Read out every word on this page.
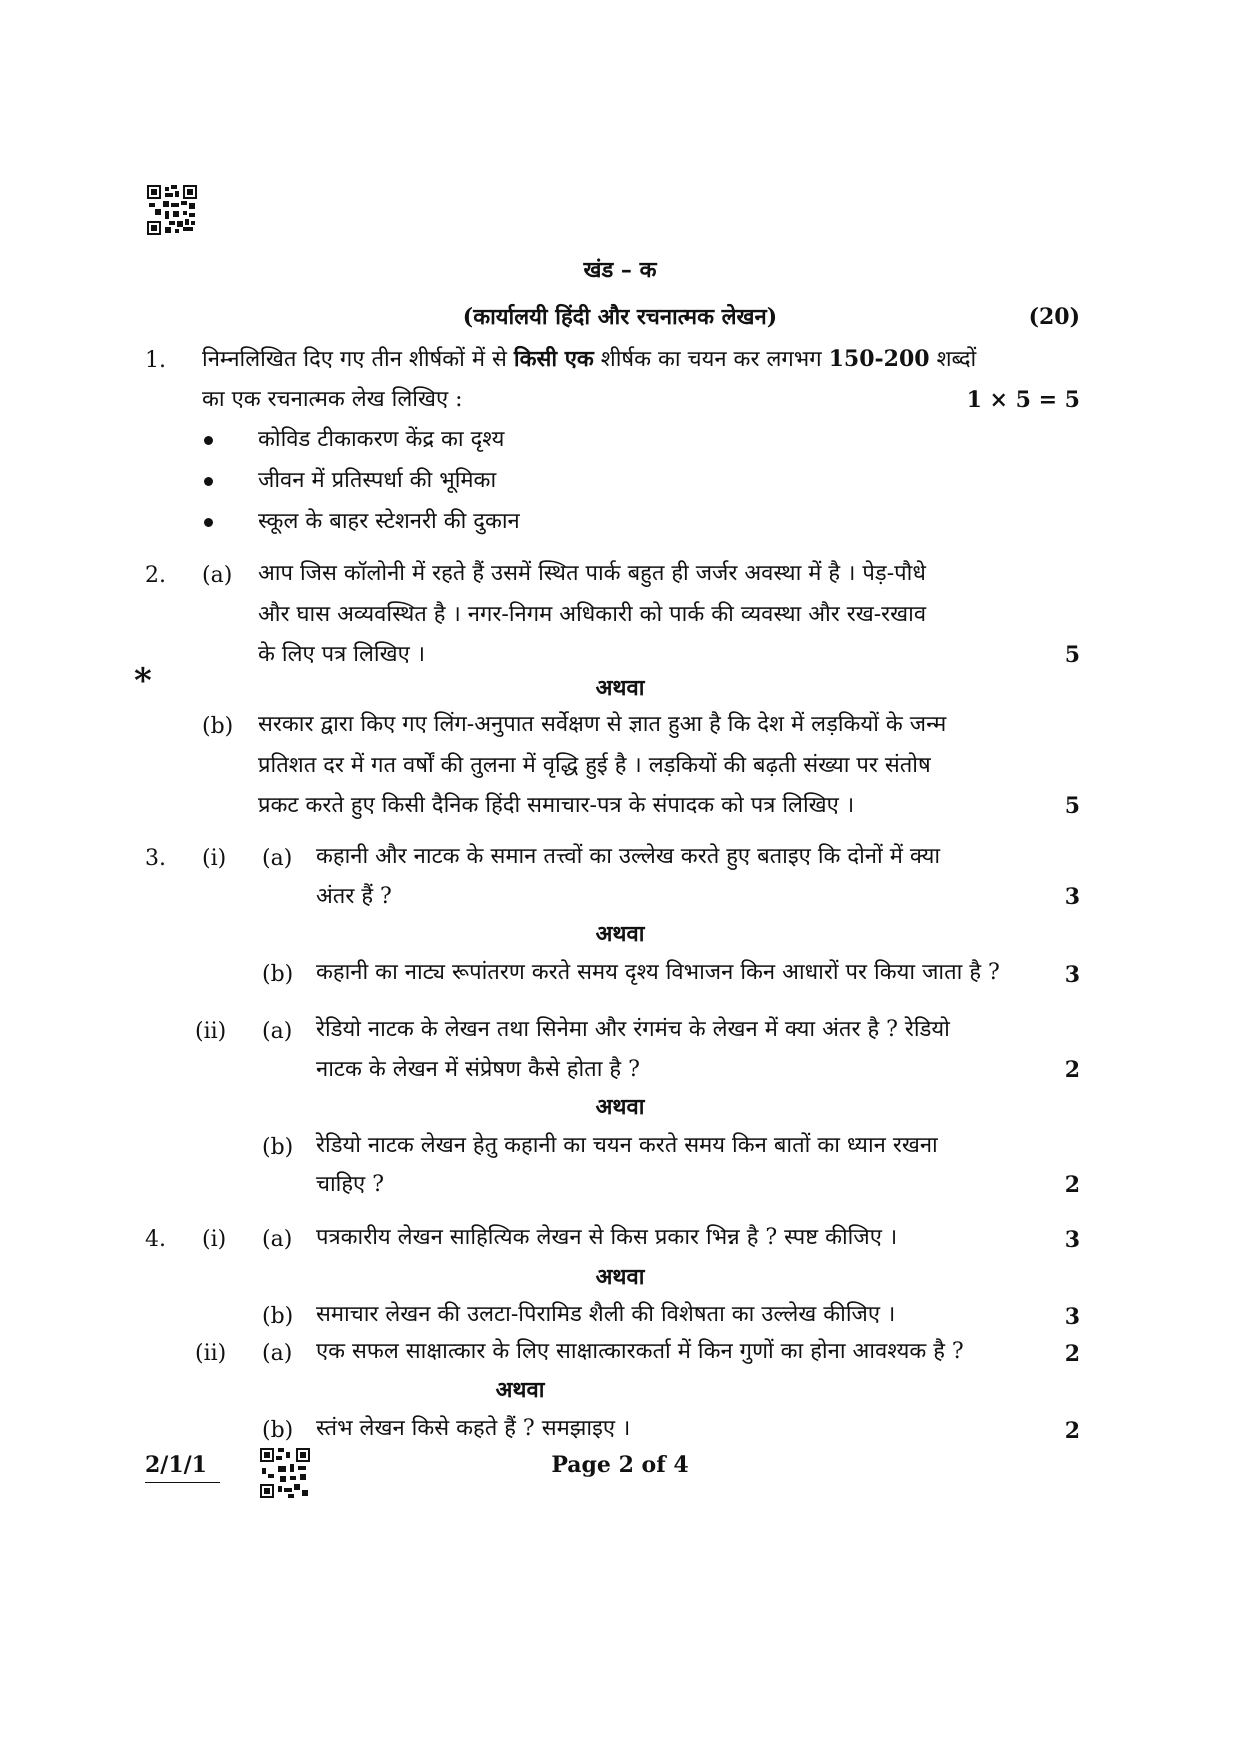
खंड – क
(कार्यालयी हिंदी और रचनात्मक लेखन)	(20)
1. निम्नलिखित दिए गए तीन शीर्षकों में से किसी एक शीर्षक का चयन कर लगभग 150-200 शब्दों
का एक रचनात्मक लेख लिखिए :	1 × 5 = 5
कोविड टीकाकरण केंद्र का दृश्य
जीवन में प्रतिस्पर्धा की भूमिका
स्कूल के बाहर स्टेशनरी की दुकान
2. (a) आप जिस कॉलोनी में रहते हैं उसमें स्थित पार्क बहुत ही जर्जर अवस्था में है । पेड़-पौधे
और घास अव्यवस्थित है । नगर-निगम अधिकारी को पार्क की व्यवस्था और रख-रखाव
के लिए पत्र लिखिए ।	5
*	अथवा
(b) सरकार द्वारा किए गए लिंग-अनुपात सर्वेक्षण से ज्ञात हुआ है कि देश में लड़कियों के जन्म
प्रतिशत दर में गत वर्षों की तुलना में वृद्धि हुई है । लड़कियों की बढ़ती संख्या पर संतोष
प्रकट करते हुए किसी दैनिक हिंदी समाचार-पत्र के संपादक को पत्र लिखिए ।	5
3. (i) (a) कहानी और नाटक के समान तत्त्वों का उल्लेख करते हुए बताइए कि दोनों में क्या
अंतर हैं ?	3
अथवा
(b) कहानी का नाट्य रूपांतरण करते समय दृश्य विभाजन किन आधारों पर किया जाता है ?	3
(ii) (a) रेडियो नाटक के लेखन तथा सिनेमा और रंगमंच के लेखन में क्या अंतर है ? रेडियो
नाटक के लेखन में संप्रेषण कैसे होता है ?	2
अथवा
(b) रेडियो नाटक लेखन हेतु कहानी का चयन करते समय किन बातों का ध्यान रखना
चाहिए ?	2
4. (i) (a) पत्रकारीय लेखन साहित्यिक लेखन से किस प्रकार भिन्न है ? स्पष्ट कीजिए ।	3
अथवा
(b) समाचार लेखन की उलटा-पिरामिड शैली की विशेषता का उल्लेख कीजिए ।	3
(ii) (a) एक सफल साक्षात्कार के लिए साक्षात्कारकर्ता में किन गुणों का होना आवश्यक है ?	2
अथवा
(b) स्तंभ लेखन किसे कहते हैं ? समझाइए ।	2
2/1/1	Page 2 of 4
